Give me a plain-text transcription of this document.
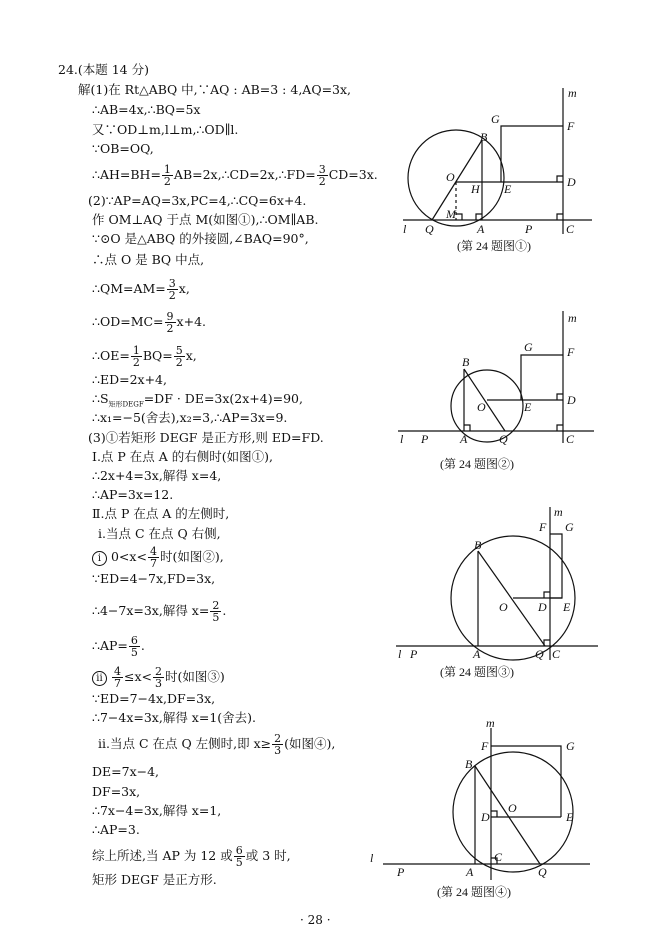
24.(本题 14 分)
解(1)在 Rt△ABQ 中,∵AQ : AB=3 : 4,AQ=3x,
∴AB=4x,∴BQ=5x
又∵OD⊥m,l⊥m,∴OD∥l.
∵OB=OQ,
∴AH=BH= $\frac{1}{2}$ AB=2x,∴CD=2x,∴FD= $\frac{3}{2} CD=3x$.
(2)∵AP=AQ=3x,PC=4,∴CQ=6x+4.
作 OM⊥AQ 于点 M(如图①),∴OM∥AB.
∵⊙O 是△ABQ 的外接圆,∠BAQ=90°,
∴点 O 是 BQ 中点,
∴QM=AM= $\frac{3}{2} x$,
∴OD=MC= $\frac{9}{2} x+4$.
∴OE= $\frac{1}{2} BQ= \frac{5}{2} x$,
∴ED=2x+4,
$\therefore S_{矩形DEGF}=DF \cdot DE=3x(2x+4)=90$,
∴x₁=−5(舍去),x₂=3,∴AP=3x=9.
(3)①若矩形 DEGF 是正方形,则 ED=FD.
Ⅰ.点 P 在点 A 的右侧时(如图①),
∴2x+4=3x,解得 x=4,
∴AP=3x=12.
Ⅱ.点 P 在点 A 的左侧时,
ⅰ.当点 C 在点 Q 右侧,
i $0<x< \frac{4}{7}$ 时(如图②),
∵ED=4−7x,FD=3x,
∴4−7x=3x,解得 $x= \frac{2}{5}$ .
∴AP= $\frac{6}{5}$ .
ii $\frac{4}{7} \le x< \frac{2}{3}$ 时(如图③)
∵ED=7−4x,DF=3x,
∴7−4x=3x,解得 x=1(舍去).
ⅱ.当点 C 在点 Q 左侧时,即 $x\ge \frac{2}{3}$ (如图④),
DE=7x−4,
DF=3x,
∴7x−4=3x,解得 x=1,
∴AP=3.
综上所述,当 AP 为 12 或 $\frac{6}{5}$ 或 3 时,
矩形 DEGF 是正方形.
· 28 ·
m
G	F
B
O
H E	D
M
l Q	A	P	C
(第 24 题图①)
m
G	F
B
O	E	D
l P	A	Q	C
(第 24 题图②)
m
F G
B
O	D E
l P	A	Q C
(第 24 题图③)
m
F	G
B
O
D	E
l
P	A
C
Q
(第 24 题图④)
